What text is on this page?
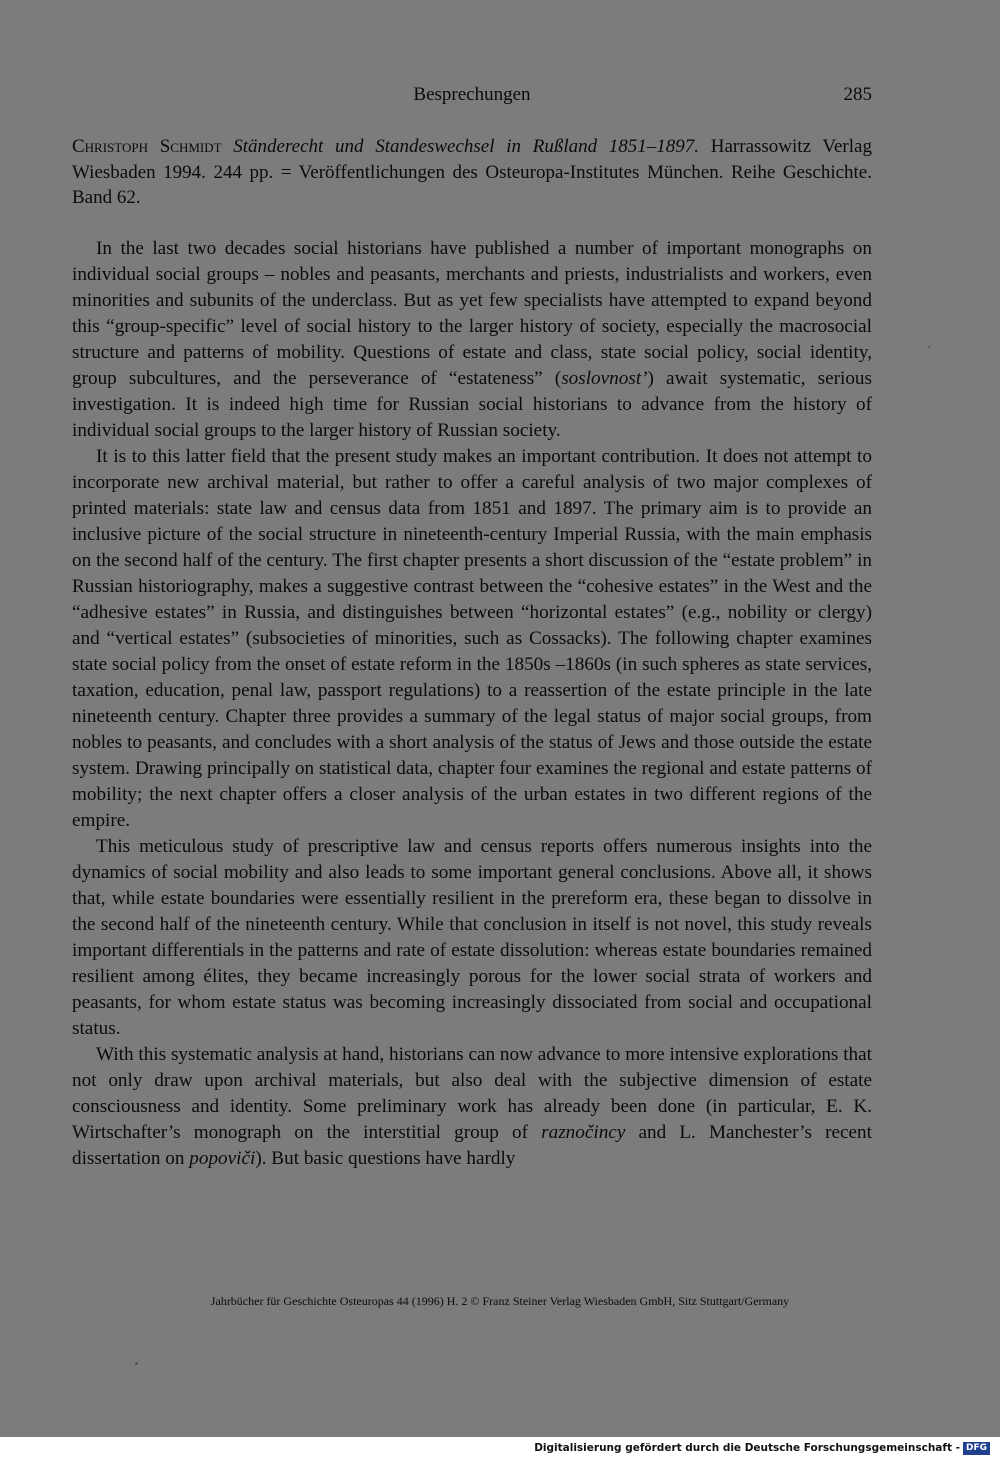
Besprechungen	285
Christoph Schmidt Ständerecht und Standeswechsel in Rußland 1851–1897. Harrassowitz Verlag Wiesbaden 1994. 244 pp. = Veröffentlichungen des Osteuropa-Institutes München. Reihe Geschichte. Band 62.

In the last two decades social historians have published a number of important monographs on individual social groups – nobles and peasants, merchants and priests, industrialists and workers, even minorities and subunits of the underclass. But as yet few specialists have attempted to expand beyond this “group-specific” level of social history to the larger history of society, especially the macrosocial structure and patterns of mobility. Questions of estate and class, state social policy, social identity, group subcultures, and the perseverance of “estateness” (soslovnost’) await systematic, serious investigation. It is indeed high time for Russian social historians to advance from the history of individual social groups to the larger history of Russian society.

It is to this latter field that the present study makes an important contribution. It does not attempt to incorporate new archival material, but rather to offer a careful analysis of two major complexes of printed materials: state law and census data from 1851 and 1897. The primary aim is to provide an inclusive picture of the social structure in nineteenth-century Imperial Russia, with the main emphasis on the second half of the century. The first chapter presents a short discussion of the “estate problem” in Russian historiography, makes a suggestive contrast between the “cohesive estates” in the West and the “adhesive estates” in Russia, and distinguishes between “horizontal estates” (e.g., nobility or clergy) and “vertical estates” (subsocieties of minorities, such as Cossacks). The following chapter examines state social policy from the onset of estate reform in the 1850s –1860s (in such spheres as state services, taxation, education, penal law, passport regulations) to a reassertion of the estate principle in the late nineteenth century. Chapter three provides a summary of the legal status of major social groups, from nobles to peasants, and concludes with a short analysis of the status of Jews and those outside the estate system. Drawing principally on statistical data, chapter four examines the regional and estate patterns of mobility; the next chapter offers a closer analysis of the urban estates in two different regions of the empire.

This meticulous study of prescriptive law and census reports offers numerous insights into the dynamics of social mobility and also leads to some important general conclusions. Above all, it shows that, while estate boundaries were essentially resilient in the prereform era, these began to dissolve in the second half of the nineteenth century. While that conclusion in itself is not novel, this study reveals important differentials in the patterns and rate of estate dissolution: whereas estate boundaries remained resilient among élites, they became increasingly porous for the lower social strata of workers and peasants, for whom estate status was becoming increasingly dissociated from social and occupational status.

With this systematic analysis at hand, historians can now advance to more intensive explorations that not only draw upon archival materials, but also deal with the subjective dimension of estate consciousness and identity. Some preliminary work has already been done (in particular, E. K. Wirtschafter’s monograph on the interstitial group of raznočincy and L. Manchester’s recent dissertation on popoviči). But basic questions have hardly

Jahrbücher für Geschichte Osteuropas 44 (1996) H. 2 © Franz Steiner Verlag Wiesbaden GmbH, Sitz Stuttgart/Germany
Digitalisierung gefördert durch die Deutsche Forschungsgemeinschaft - DFG
